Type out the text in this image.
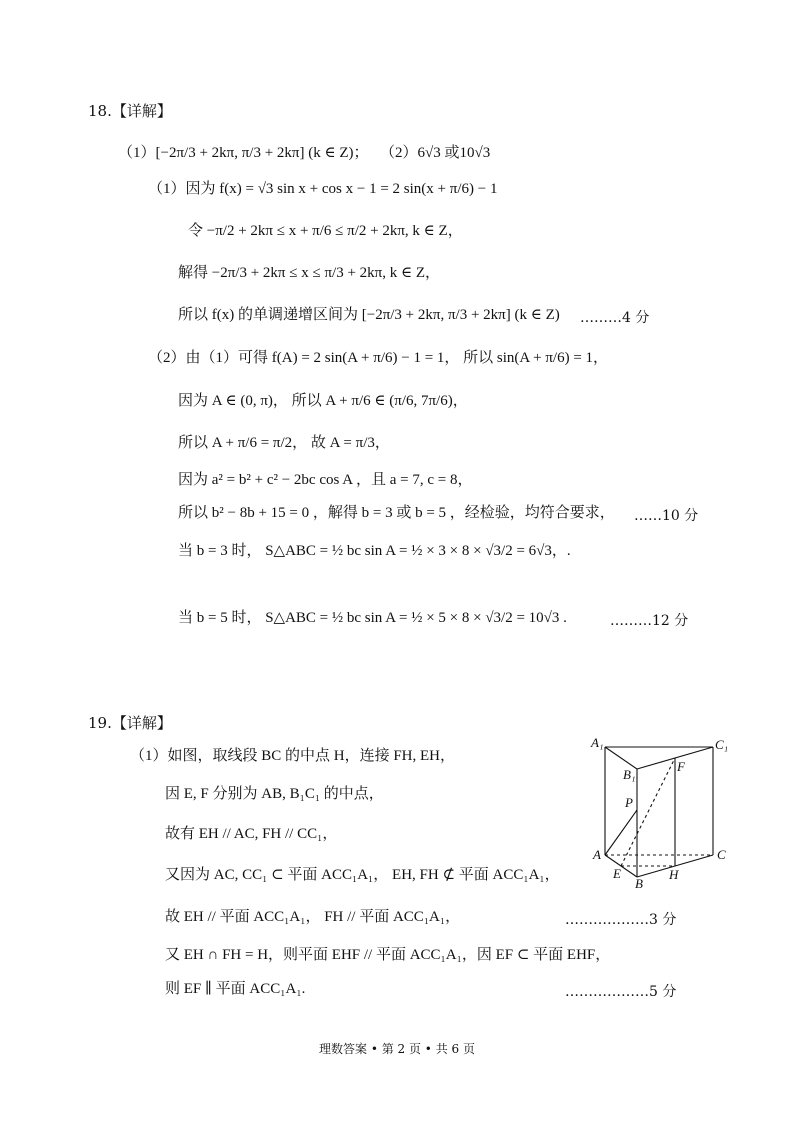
18.【详解】
（1）[−2π/3 + 2kπ, π/3 + 2kπ] (k ∈ Z)； （2）6√3 或10√3
（1）因为 f(x) = √3 sin x + cos x − 1 = 2 sin(x + π/6) − 1
令 −π/2 + 2kπ ≤ x + π/6 ≤ π/2 + 2kπ, k ∈ Z，
解得 −2π/3 + 2kπ ≤ x ≤ π/3 + 2kπ, k ∈ Z，
所以 f(x) 的单调递增区间为 [−2π/3 + 2kπ, π/3 + 2kπ] (k ∈ Z) ………4 分
（2）由（1）可得 f(A) = 2 sin(A + π/6) − 1 = 1， 所以 sin(A + π/6) = 1，
因为 A ∈ (0, π)， 所以 A + π/6 ∈ (π/6, 7π/6)，
所以 A + π/6 = π/2， 故 A = π/3，
因为 a² = b² + c² − 2bc cos A ，且 a = 7, c = 8，
所以 b² − 8b + 15 = 0 ，解得 b = 3 或 b = 5 ，经检验，均符合要求， ……10 分
当 b = 3 时， S△ABC = ½ bc sin A = ½ × 3 × 8 × √3/2 = 6√3，.
当 b = 5 时， S△ABC = ½ bc sin A = ½ × 5 × 8 × √3/2 = 10√3 .	………12 分
19.【详解】
（1）如图，取线段 BC 的中点 H，连接 FH, EH，
因 E, F 分别为 AB, B₁C₁ 的中点，
故有 EH // AC, FH // CC₁，
又因为 AC, CC₁ ⊂ 平面 ACC₁A₁， EH, FH ⊄ 平面 ACC₁A₁，
故 EH // 平面 ACC₁A₁， FH // 平面 ACC₁A₁，	………………3 分
又 EH ∩ FH = H，则平面 EHF // 平面 ACC₁A₁，因 EF ⊂ 平面 EHF，
则 EF ∥ 平面 ACC₁A₁.	………………5 分
A₁	C₁
B₁
F
P
A	C
E
B
H
理数答案 • 第 2 页 • 共 6 页
